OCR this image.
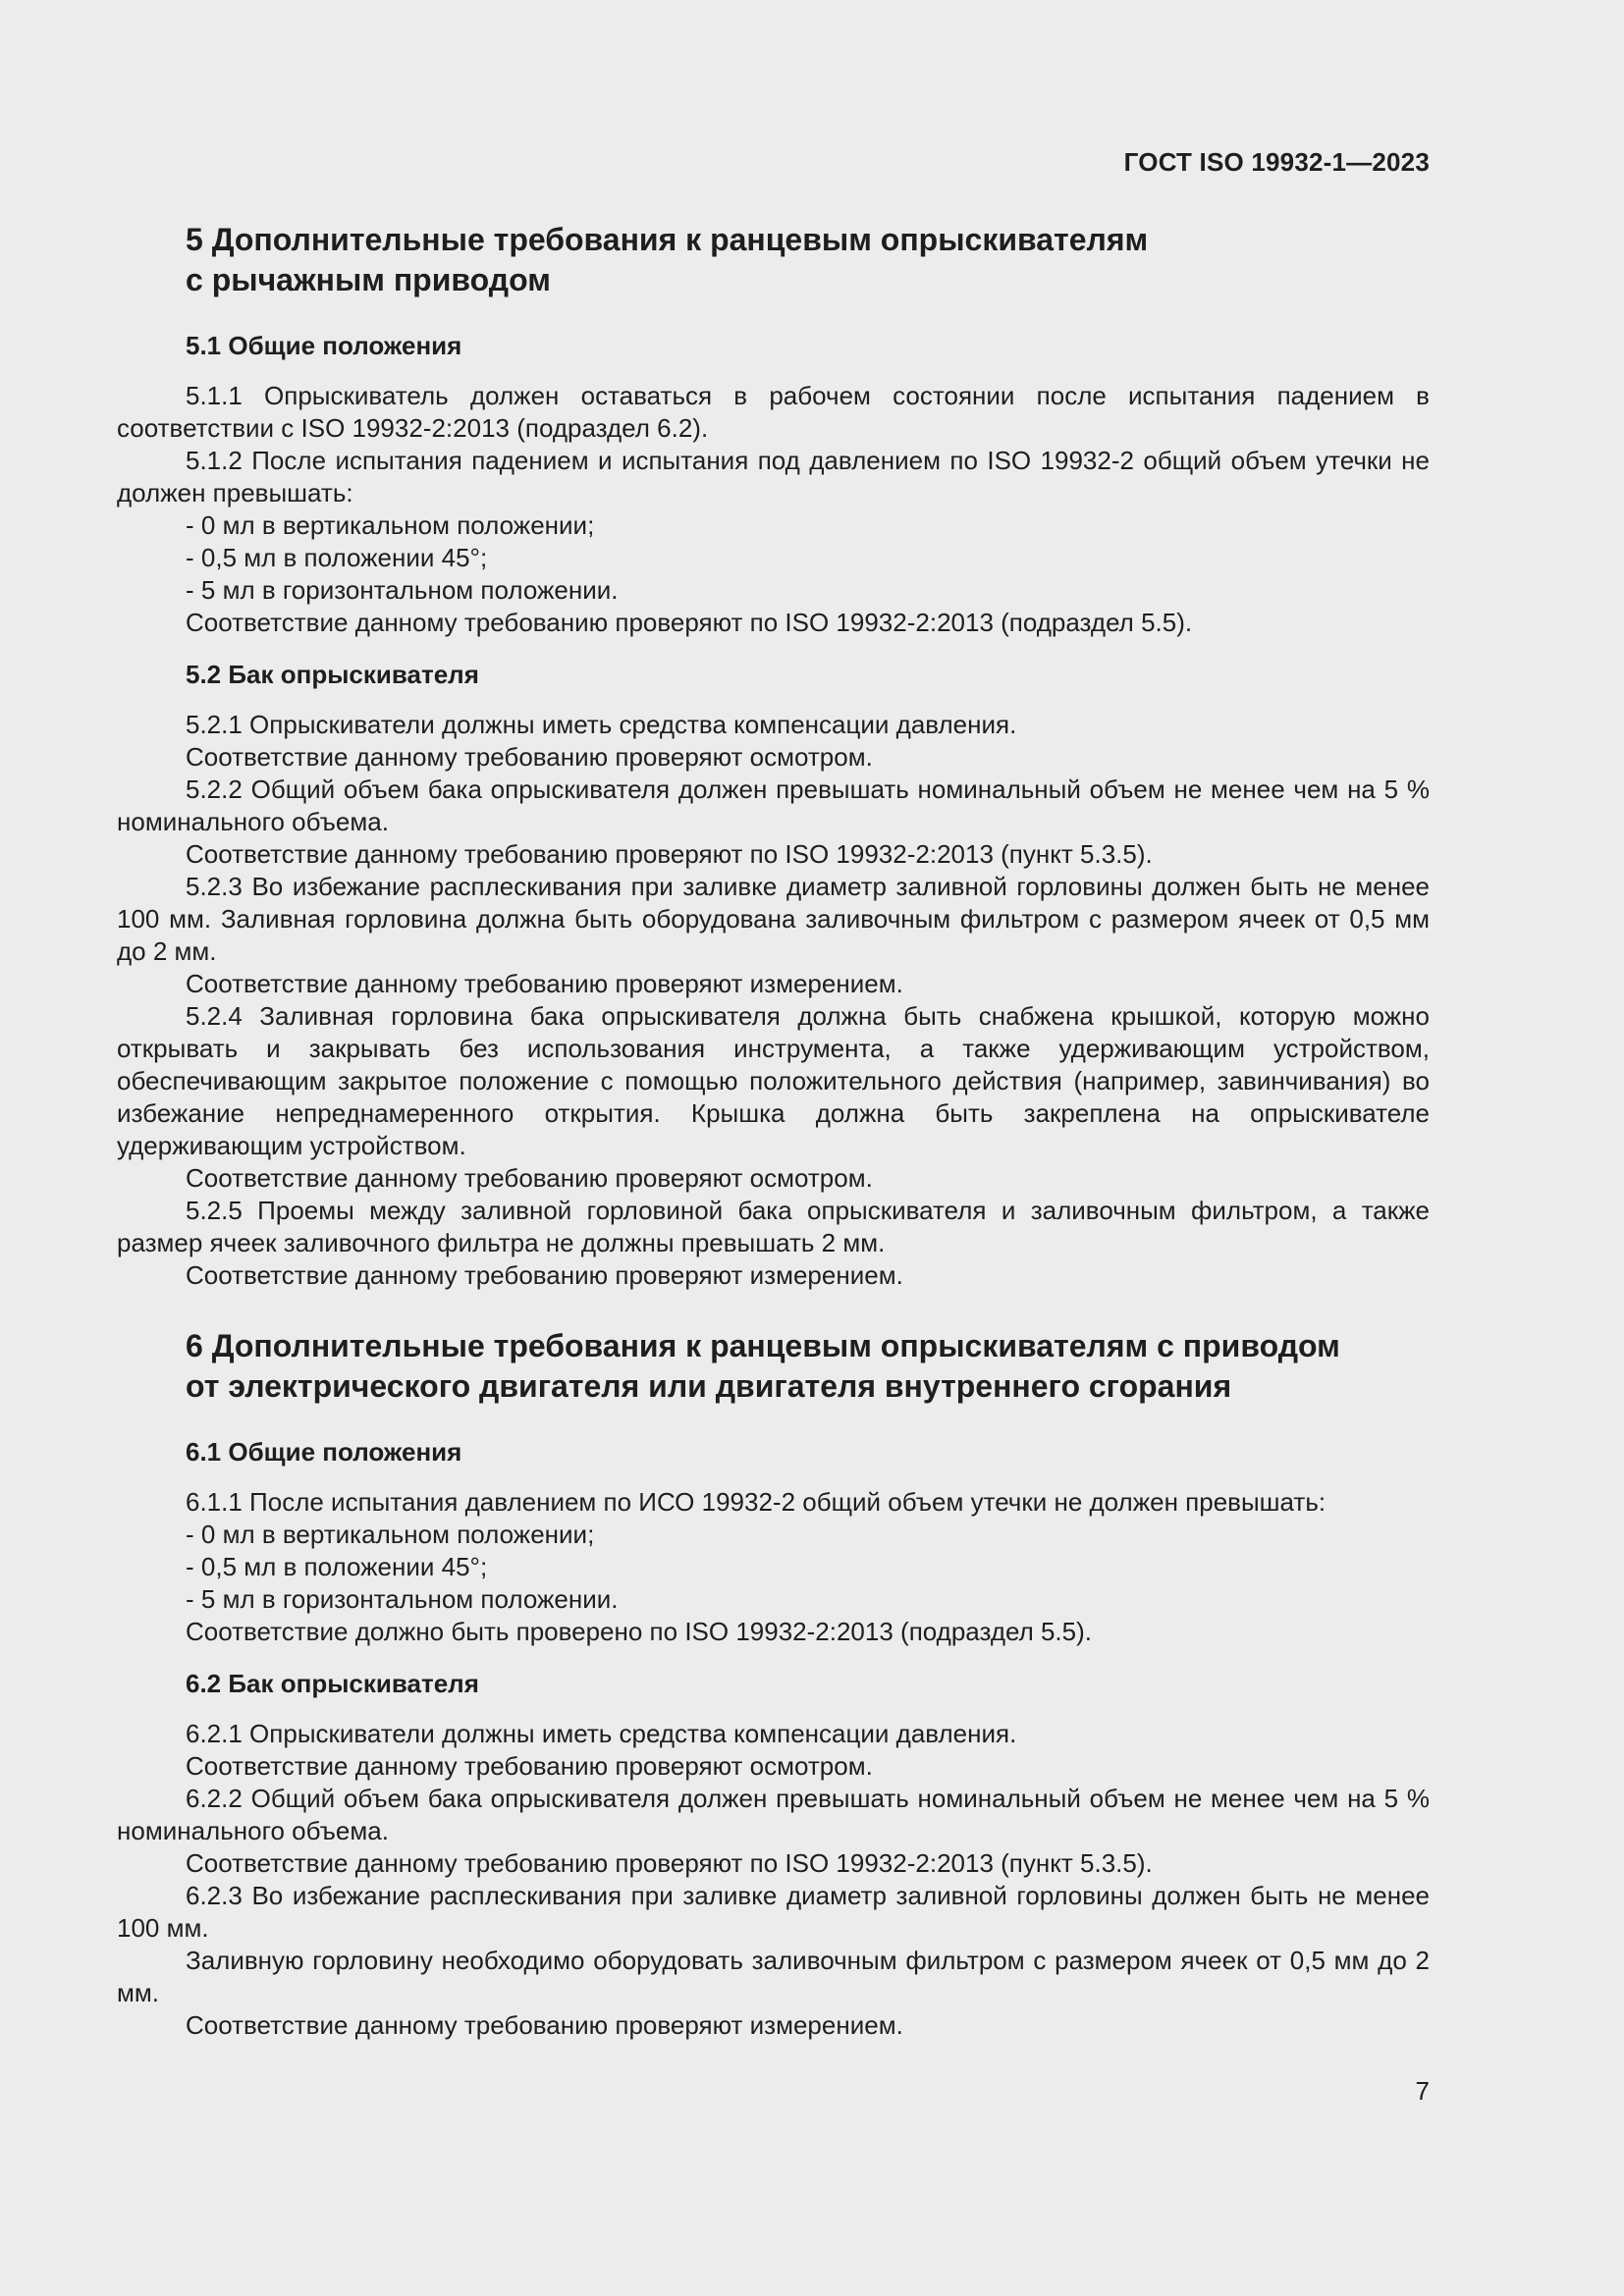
ГОСТ ISO 19932-1—2023

5 Дополнительные требования к ранцевым опрыскивателям

с рычажным приводом

5.1 Общие положения

5.1.1 Опрыскиватель должен оставаться в рабочем состоянии после испытания падением в соответствии с ISO 19932-2:2013 (подраздел 6.2).

5.1.2 После испытания падением и испытания под давлением по ISO 19932-2 общий объем утечки не должен превышать:

- 0 мл в вертикальном положении;

- 0,5 мл в положении 45°;

- 5 мл в горизонтальном положении.

Соответствие данному требованию проверяют по ISO 19932-2:2013 (подраздел 5.5).

5.2 Бак опрыскивателя

5.2.1 Опрыскиватели должны иметь средства компенсации давления.

Соответствие данному требованию проверяют осмотром.

5.2.2 Общий объем бака опрыскивателя должен превышать номинальный объем не менее чем на 5 % номинального объема.

Соответствие данному требованию проверяют по ISO 19932-2:2013 (пункт 5.3.5).

5.2.3 Во избежание расплескивания при заливке диаметр заливной горловины должен быть не менее 100 мм. Заливная горловина должна быть оборудована заливочным фильтром с размером ячеек от 0,5 мм до 2 мм.

Соответствие данному требованию проверяют измерением.

5.2.4 Заливная горловина бака опрыскивателя должна быть снабжена крышкой, которую можно открывать и закрывать без использования инструмента, а также удерживающим устройством, обеспечивающим закрытое положение с помощью положительного действия (например, завинчивания) во избежание непреднамеренного открытия. Крышка должна быть закреплена на опрыскивателе удерживающим устройством.

Соответствие данному требованию проверяют осмотром.

5.2.5 Проемы между заливной горловиной бака опрыскивателя и заливочным фильтром, а также размер ячеек заливочного фильтра не должны превышать 2 мм.

Соответствие данному требованию проверяют измерением.

6 Дополнительные требования к ранцевым опрыскивателям с приводом

от электрического двигателя или двигателя внутреннего сгорания

6.1 Общие положения

6.1.1 После испытания давлением по ИСО 19932-2 общий объем утечки не должен превышать:

- 0 мл в вертикальном положении;

- 0,5 мл в положении 45°;

- 5 мл в горизонтальном положении.

Соответствие должно быть проверено по ISO 19932-2:2013 (подраздел 5.5).

6.2 Бак опрыскивателя

6.2.1 Опрыскиватели должны иметь средства компенсации давления.

Соответствие данному требованию проверяют осмотром.

6.2.2 Общий объем бака опрыскивателя должен превышать номинальный объем не менее чем на 5 % номинального объема.

Соответствие данному требованию проверяют по ISO 19932-2:2013 (пункт 5.3.5).

6.2.3 Во избежание расплескивания при заливке диаметр заливной горловины должен быть не менее 100 мм.

Заливную горловину необходимо оборудовать заливочным фильтром с размером ячеек от 0,5 мм до 2 мм.

Соответствие данному требованию проверяют измерением.

7
